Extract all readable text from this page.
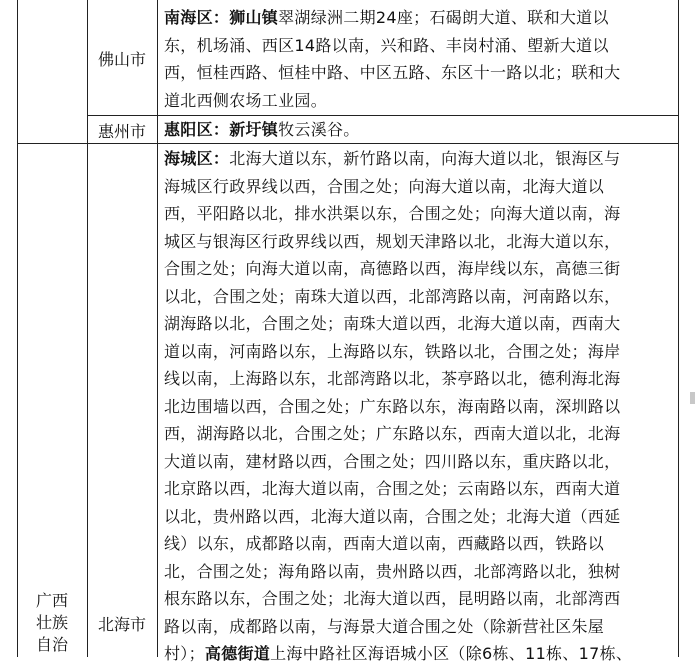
佛山市
南海区：狮山镇翠湖绿洲二期24座；石碣朗大道、联和大道以
东，机场涌、西区14路以南，兴和路、丰岗村涌、塱新大道以
西，恒桂西路、恒桂中路、中区五路、东区十一路以北；联和大
道北西侧农场工业园。
惠州市	惠阳区：新圩镇牧云溪谷。
广西
壮族
自治
北海市
海城区：北海大道以东，新竹路以南，向海大道以北，银海区与
海城区行政界线以西，合围之处；向海大道以南，北海大道以
西，平阳路以北，排水洪渠以东，合围之处；向海大道以南，海
城区与银海区行政界线以西，规划天津路以北，北海大道以东，
合围之处；向海大道以南，高德路以西，海岸线以东，高德三街
以北，合围之处；南珠大道以西，北部湾路以南，河南路以东，
湖海路以北，合围之处；南珠大道以西，北海大道以南，西南大
道以南，河南路以东，上海路以东，铁路以北，合围之处；海岸
线以南，上海路以东，北部湾路以北，茶亭路以北，德利海北海
北边围墙以西，合围之处；广东路以东，海南路以南，深圳路以
西，湖海路以北，合围之处；广东路以东，西南大道以北，北海
大道以南，建材路以西，合围之处；四川路以东，重庆路以北，
北京路以西，北海大道以南，合围之处；云南路以东，西南大道
以北，贵州路以西，北海大道以南，合围之处；北海大道（西延
线）以东，成都路以南，西南大道以南，西藏路以西，铁路以
北，合围之处；海角路以南，贵州路以西，北部湾路以北，独树
根东路以东，合围之处；北海大道以西，昆明路以南，北部湾西
路以南，成都路以南，与海景大道合围之处（除新营社区朱屋
村）；高德街道上海中路社区海语城小区（除6栋、11栋、17栋、
